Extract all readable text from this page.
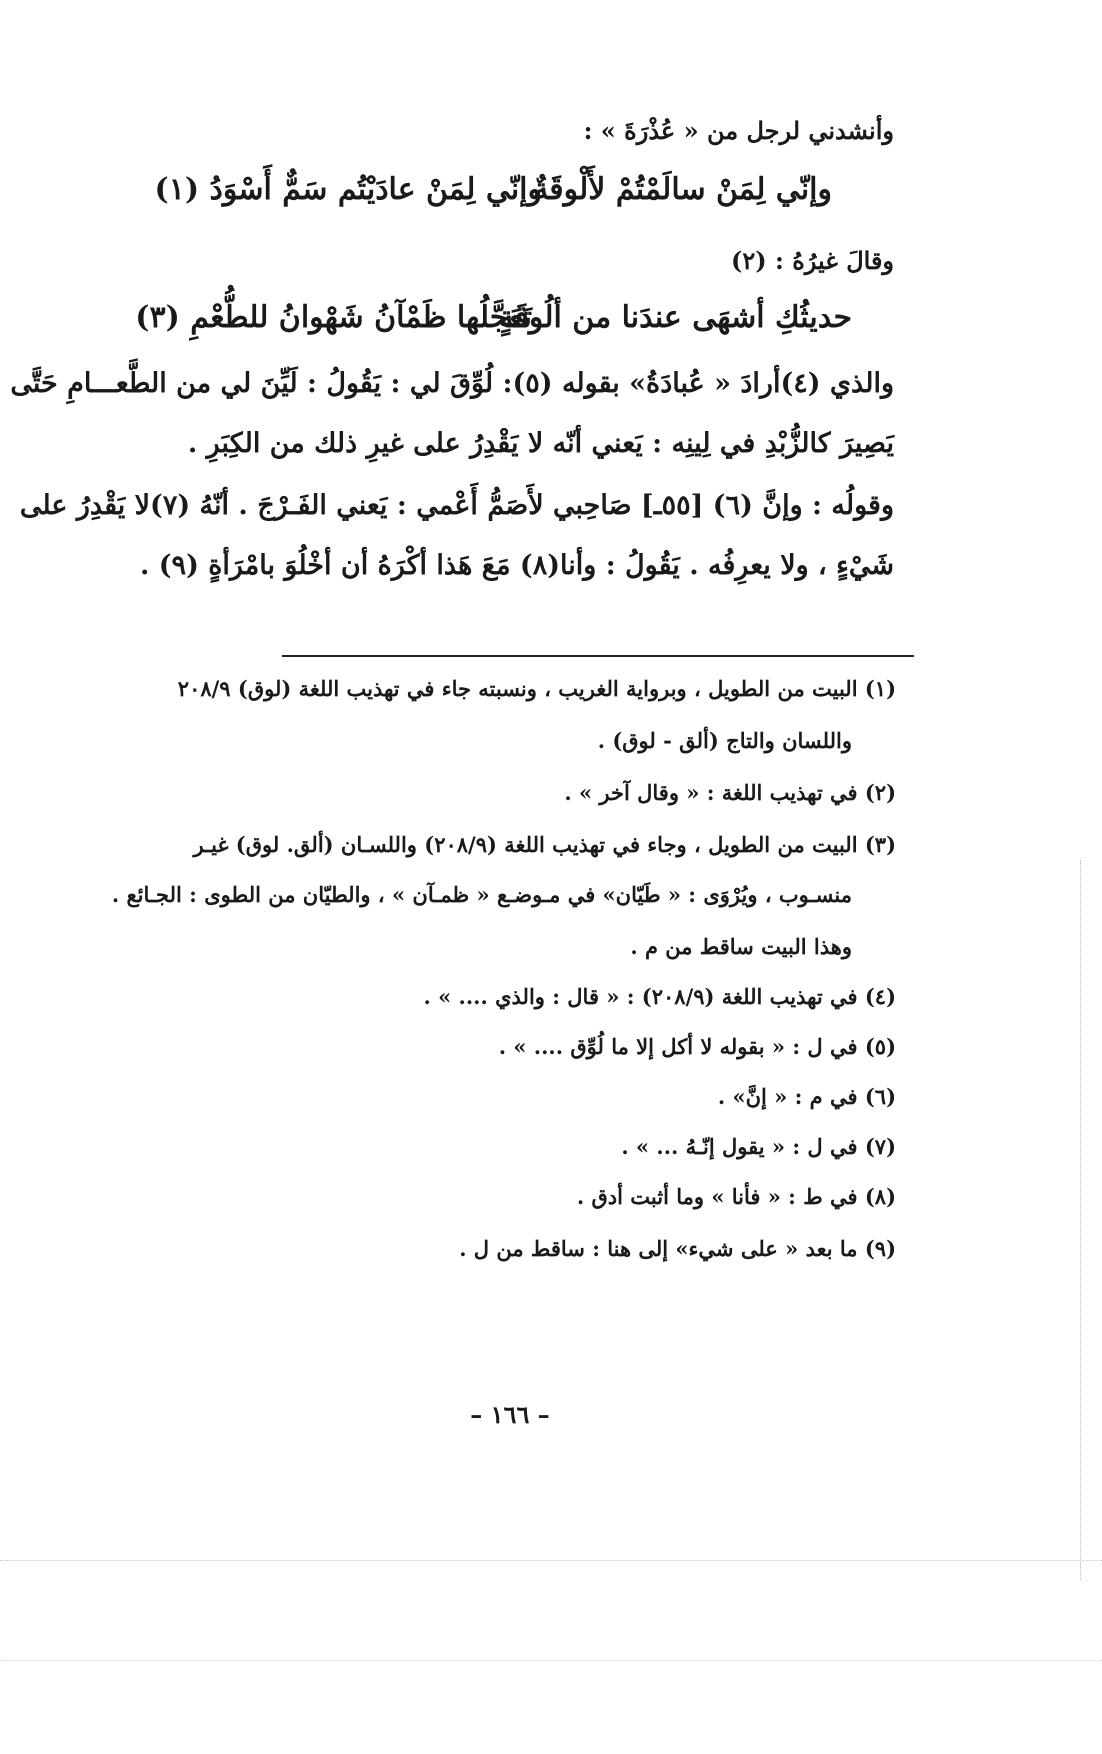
وأنشدني لرجل من « عُذْرَةَ » :
وإنّي لِمَنْ سالَمْتُمْ لأَلْوقَةٌ
وإنّي لِمَنْ عادَيْتُم سَمٌّ أَسْوَدُ (١)
وقالَ غيرُهُ : (٢)
حديثُكِ أشهَى عندَنا من ألُوقَةٍ
تَعَجَّلُها ظَمْآنُ شَهْوانُ للطُّعْمِ (٣)
والذي (٤)أرادَ « عُبادَةُ» بقوله (٥): لُوِّقَ لي : يَقُولُ : لَيِّنَ لي من الطَّعـــامِ حَتَّى
يَصِيرَ كالزُّبْدِ في لِينِه : يَعني أنّه لا يَقْدِرُ على غيرِ ذلك من الكِبَرِ .
وقولُه : وإنَّ (٦) [٥٥ـ] صَاحِبي لأَصَمُّ أَعْمي : يَعني الفَـرْجَ . أنّهُ (٧)لا يَقْدِرُ على
شَيْءٍ ، ولا يعرِفُه . يَقُولُ : وأنا(٨) مَعَ هَذا أكْرَهُ أن أخْلُوَ بامْرَأةٍ (٩) .
(١) البيت من الطويل ، وبرواية الغريب ، ونسبته جاء في تهذيب اللغة (لوق) ٢٠٨/٩
واللسان والتاج (ألق - لوق) .
(٢) في تهذيب اللغة : « وقال آخر » .
(٣) البيت من الطويل ، وجاء في تهذيب اللغة (٢٠٨/٩) واللسـان (ألق. لوق) غيـر
منسـوب ، ويُرْوَى : « طَيّان» في مـوضـع « ظمـآن » ، والطيّان من الطوى : الجـائع .
وهذا البيت ساقط من م .
(٤) في تهذيب اللغة (٢٠٨/٩) : « قال : والذي .... » .
(٥) في ل : « بقوله لا أكل إلا ما لُوِّق .... » .
(٦) في م : « إنَّ» .
(٧) في ل : « يقول إنّـهُ ... » .
(٨) في ط : « فأنا » وما أثبت أدق .
(٩) ما بعد « على شيء» إلى هنا : ساقط من ل .
– ١٦٦ –
